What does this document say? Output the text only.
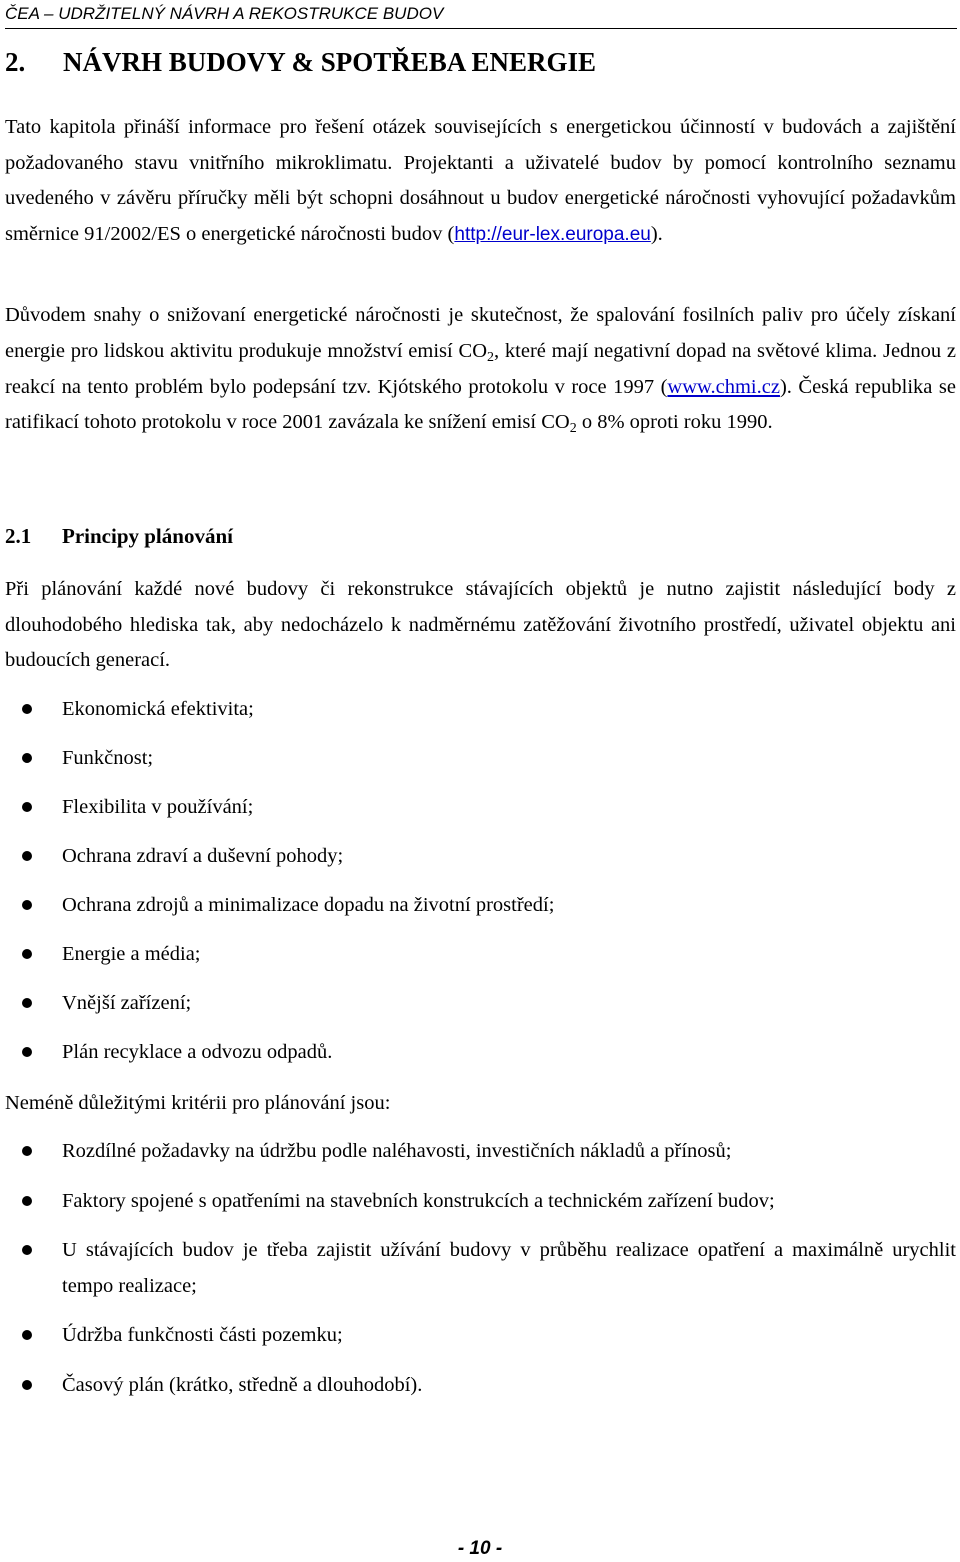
ČEA – UDRŽITELNÝ NÁVRH A REKOSTRUKCE BUDOV
2. NÁVRH BUDOVY & SPOTŘEBA ENERGIE

Tato kapitola přináší informace pro řešení otázek souvisejících s energetickou účinností v budovách a zajištění požadovaného stavu vnitřního mikroklimatu. Projektanti a uživatelé budov by pomocí kontrolního seznamu uvedeného v závěru příručky měli být schopni dosáhnout u budov energetické náročnosti vyhovující požadavkům směrnice 91/2002/ES o energetické náročnosti budov (http://eur-lex.europa.eu).

Důvodem snahy o snižovaní energetické náročnosti je skutečnost, že spalování fosilních paliv pro účely získaní energie pro lidskou aktivitu produkuje množství emisí $CO_2$, které mají negativní dopad na světové klima. Jednou z reakcí na tento problém bylo podepsání tzv. Kjótského protokolu v roce 1997 (www.chmi.cz). Česká republika se ratifikací tohoto protokolu v roce 2001 zavázala ke snížení emisí $CO_2$ o 8% oproti roku 1990.

2.1 Principy plánování

Při plánování každé nové budovy či rekonstrukce stávajících objektů je nutno zajistit následující body z dlouhodobého hlediska tak, aby nedocházelo k nadměrnému zatěžování životního prostředí, uživatel objektu ani budoucích generací.

Ekonomická efektivita;
Funkčnost;
Flexibilita v používání;
Ochrana zdraví a duševní pohody;
Ochrana zdrojů a minimalizace dopadu na životní prostředí;
Energie a média;
Vnější zařízení;
Plán recyklace a odvozu odpadů.

Neméně důležitými kritérii pro plánování jsou:

Rozdílné požadavky na údržbu podle naléhavosti, investičních nákladů a přínosů;
Faktory spojené s opatřeními na stavebních konstrukcích a technickém zařízení budov;
U stávajících budov je třeba zajistit užívání budovy v průběhu realizace opatření a maximálně urychlit tempo realizace;
Údržba funkčnosti části pozemku;
Časový plán (krátko, středně a dlouhodobí).
- 10 -
